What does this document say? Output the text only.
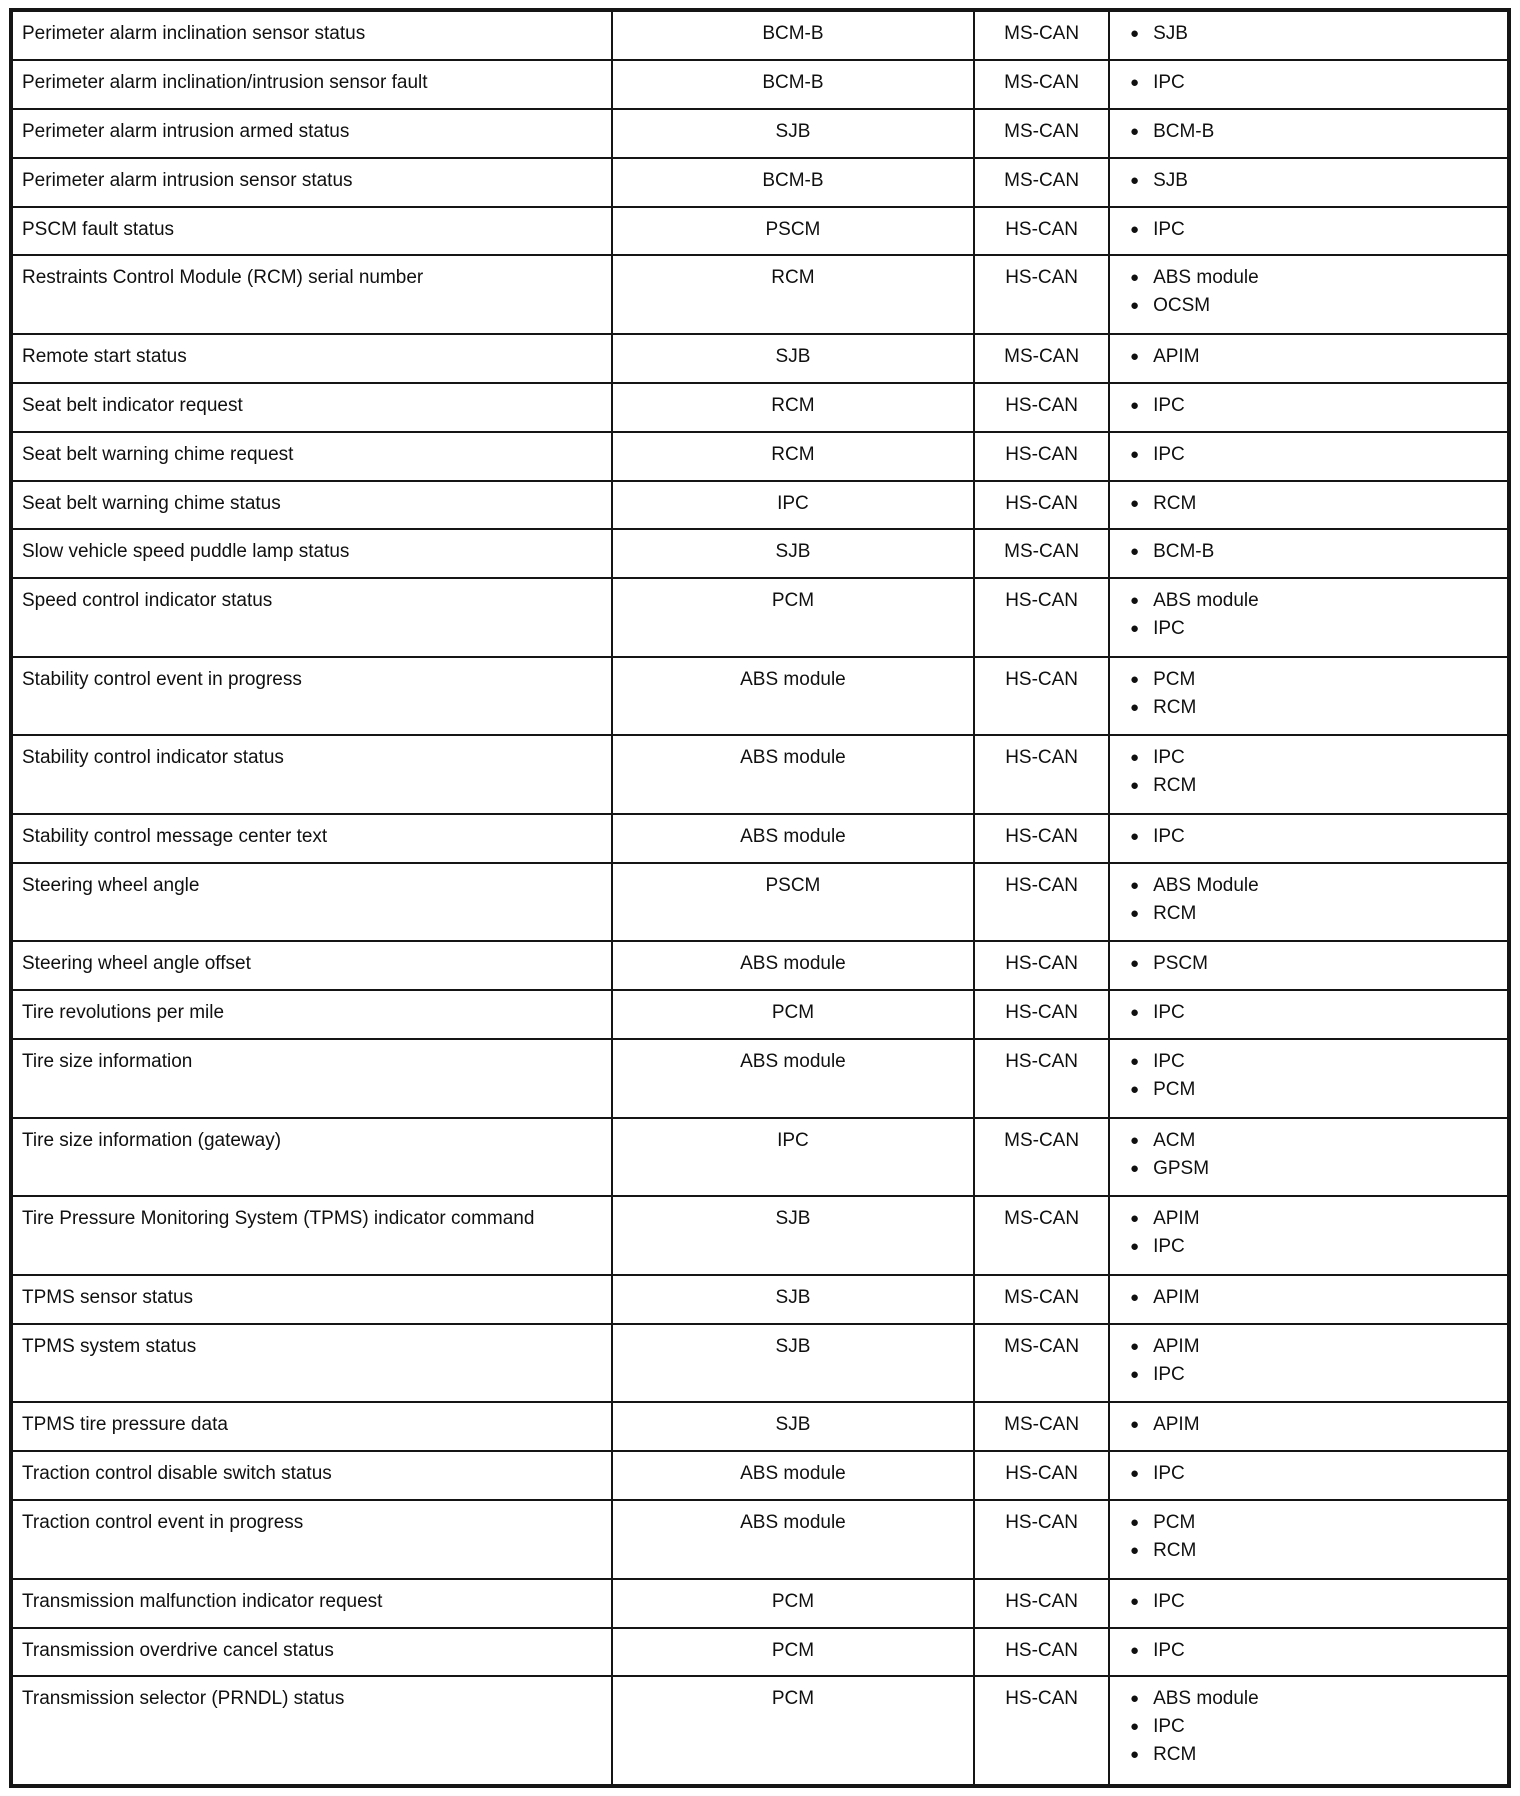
Perimeter alarm inclination sensor status	BCM-B	MS-CAN	● SJB

Perimeter alarm inclination/intrusion sensor fault	BCM-B	MS-CAN	● IPC

Perimeter alarm intrusion armed status	SJB	MS-CAN	● BCM-B

Perimeter alarm intrusion sensor status	BCM-B	MS-CAN	● SJB

PSCM fault status	PSCM	HS-CAN	● IPC

Restraints Control Module (RCM) serial number	RCM	HS-CAN	● ABS module
● OCSM

Remote start status	SJB	MS-CAN	● APIM

Seat belt indicator request	RCM	HS-CAN	● IPC

Seat belt warning chime request	RCM	HS-CAN	● IPC

Seat belt warning chime status	IPC	HS-CAN	● RCM

Slow vehicle speed puddle lamp status	SJB	MS-CAN	● BCM-B

Speed control indicator status	PCM	HS-CAN	● ABS module
● IPC

Stability control event in progress	ABS module	HS-CAN	● PCM
● RCM

Stability control indicator status	ABS module	HS-CAN	● IPC
● RCM

Stability control message center text	ABS module	HS-CAN	● IPC

Steering wheel angle	PSCM	HS-CAN	● ABS Module
● RCM

Steering wheel angle offset	ABS module	HS-CAN	● PSCM

Tire revolutions per mile	PCM	HS-CAN	● IPC

Tire size information	ABS module	HS-CAN	● IPC
● PCM

Tire size information (gateway)	IPC	MS-CAN	● ACM
● GPSM

Tire Pressure Monitoring System (TPMS) indicator command	SJB	MS-CAN	● APIM
● IPC

TPMS sensor status	SJB	MS-CAN	● APIM

TPMS system status	SJB	MS-CAN	● APIM
● IPC

TPMS tire pressure data	SJB	MS-CAN	● APIM

Traction control disable switch status	ABS module	HS-CAN	● IPC

Traction control event in progress	ABS module	HS-CAN	● PCM
● RCM

Transmission malfunction indicator request	PCM	HS-CAN	● IPC

Transmission overdrive cancel status	PCM	HS-CAN	● IPC

Transmission selector (PRNDL) status	PCM	HS-CAN	● ABS module
● IPC
● RCM
